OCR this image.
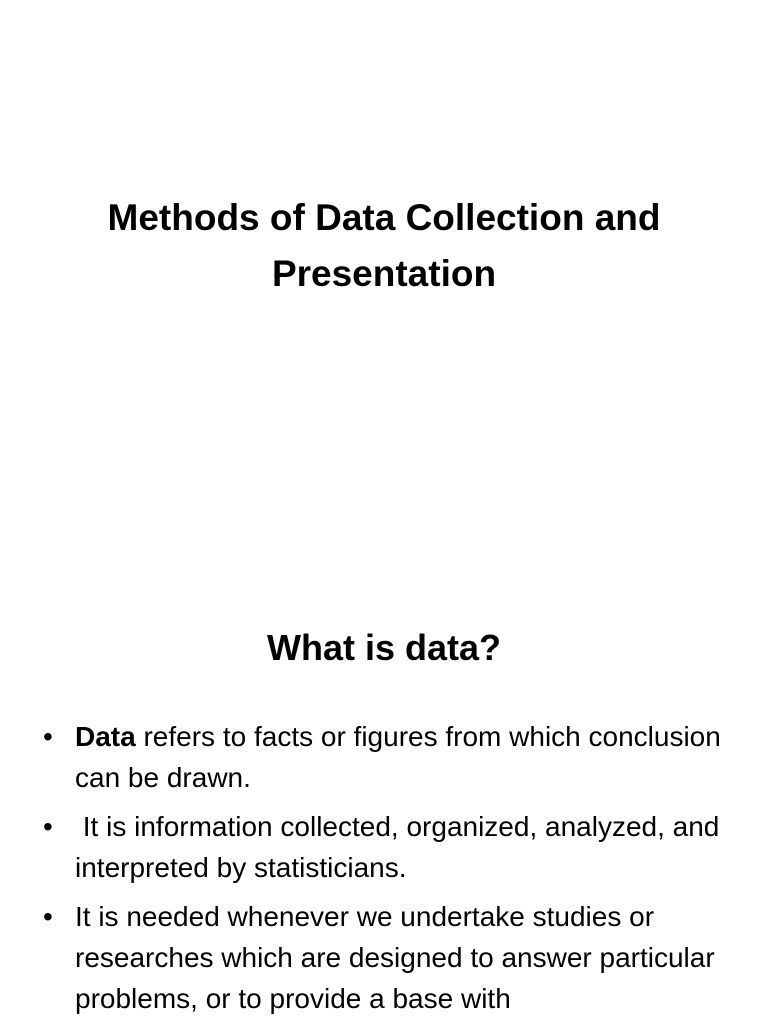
Methods of Data Collection and Presentation
What is data?
• Data refers to facts or figures from which conclusion can be drawn.
• It is information collected, organized, analyzed, and interpreted by statisticians.
• It is needed whenever we undertake studies or researches which are designed to answer particular problems, or to provide a base with
